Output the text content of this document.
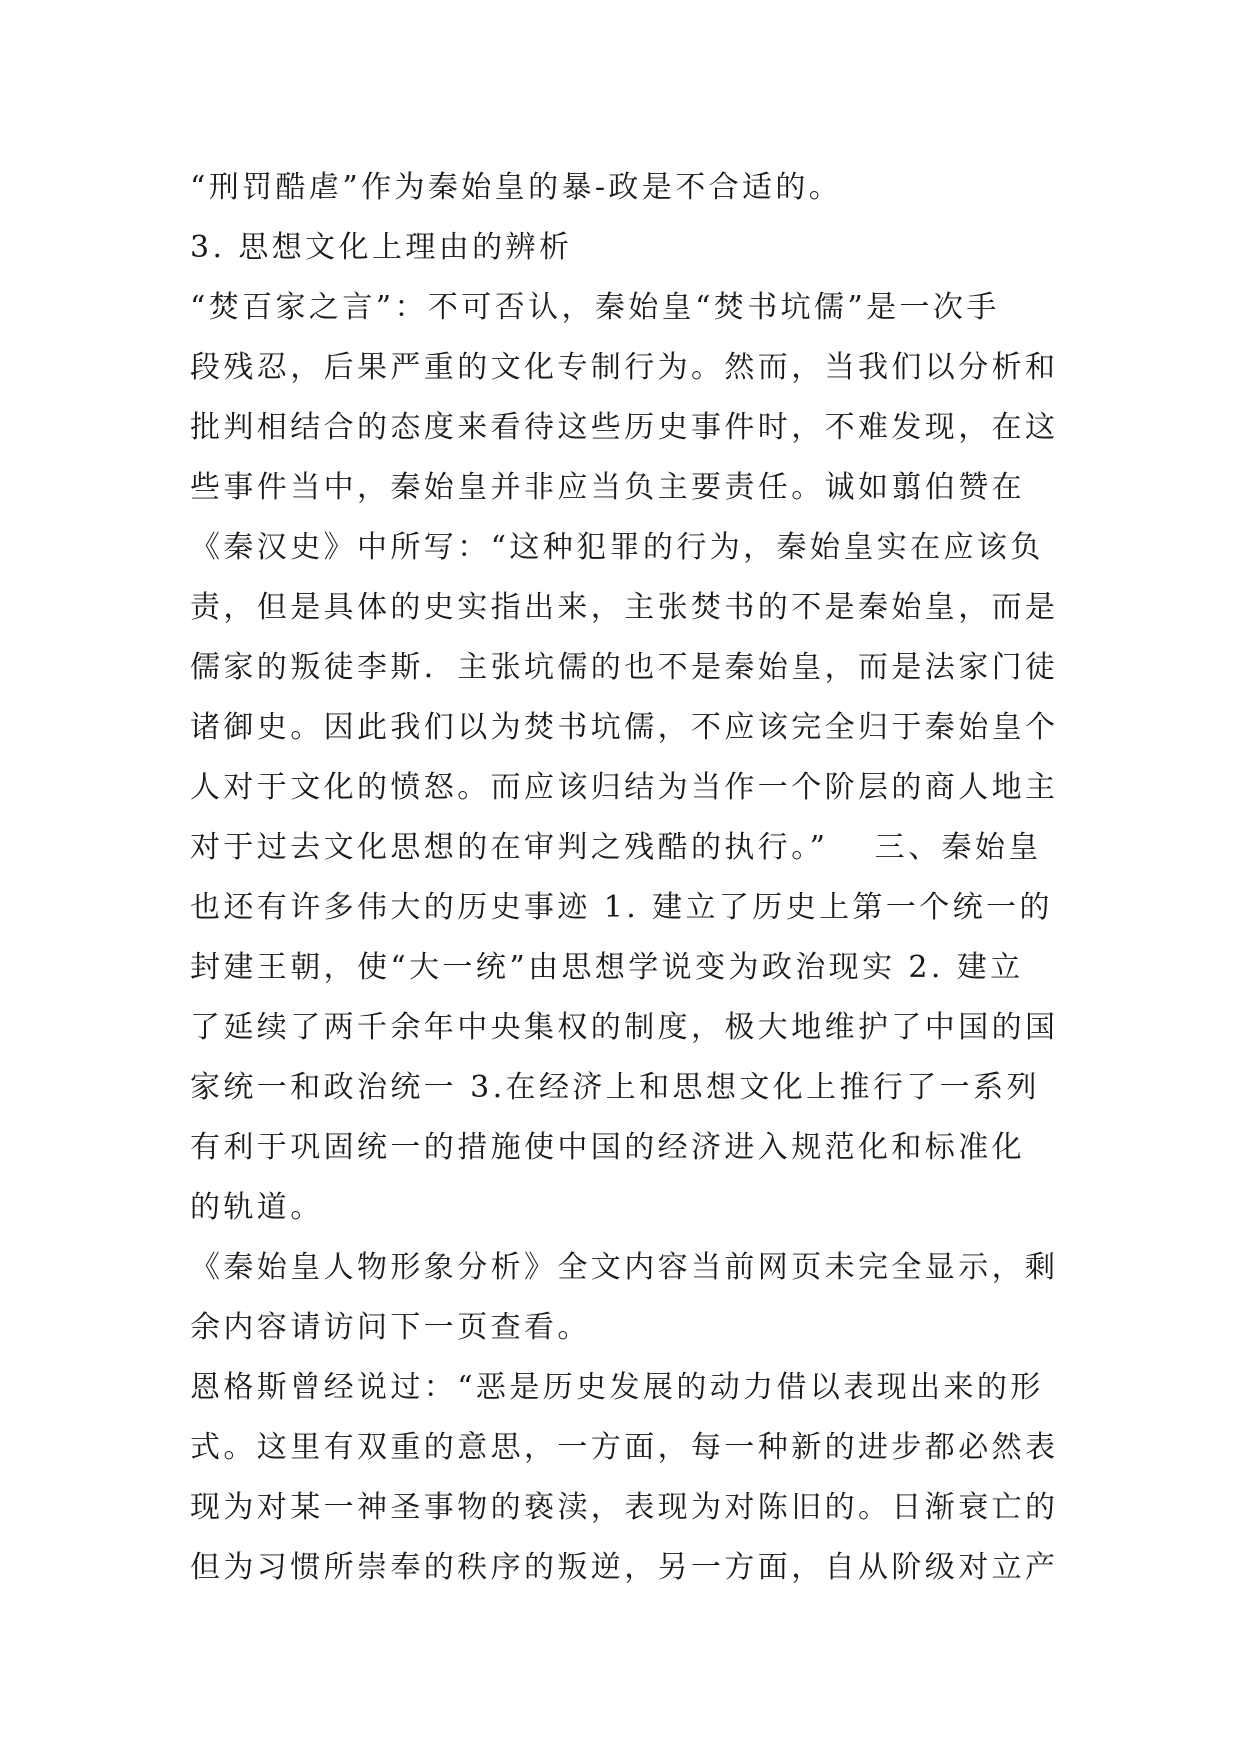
“刑罚酷虐”作为秦始皇的暴-政是不合适的。
3. 思想文化上理由的辨析
“焚百家之言”：不可否认，秦始皇“焚书坑儒”是一次手
段残忍，后果严重的文化专制行为。然而，当我们以分析和
批判相结合的态度来看待这些历史事件时，不难发现，在这
些事件当中，秦始皇并非应当负主要责任。诚如翦伯赞在
《秦汉史》中所写：“这种犯罪的行为，秦始皇实在应该负
责，但是具体的史实指出来，主张焚书的不是秦始皇，而是
儒家的叛徒李斯．主张坑儒的也不是秦始皇，而是法家门徒
诸御史。因此我们以为焚书坑儒，不应该完全归于秦始皇个
人对于文化的愤怒。而应该归结为当作一个阶层的商人地主
对于过去文化思想的在审判之残酷的执行。”　 三、秦始皇
也还有许多伟大的历史事迹 1. 建立了历史上第一个统一的
封建王朝，使“大一统”由思想学说变为政治现实 2. 建立
了延续了两千余年中央集权的制度，极大地维护了中国的国
家统一和政治统一 3.在经济上和思想文化上推行了一系列
有利于巩固统一的措施使中国的经济进入规范化和标准化
的轨道。
《秦始皇人物形象分析》全文内容当前网页未完全显示，剩
余内容请访问下一页查看。
恩格斯曾经说过：“恶是历史发展的动力借以表现出来的形
式。这里有双重的意思，一方面，每一种新的进步都必然表
现为对某一神圣事物的亵渎，表现为对陈旧的。日渐衰亡的
但为习惯所崇奉的秩序的叛逆，另一方面，自从阶级对立产
